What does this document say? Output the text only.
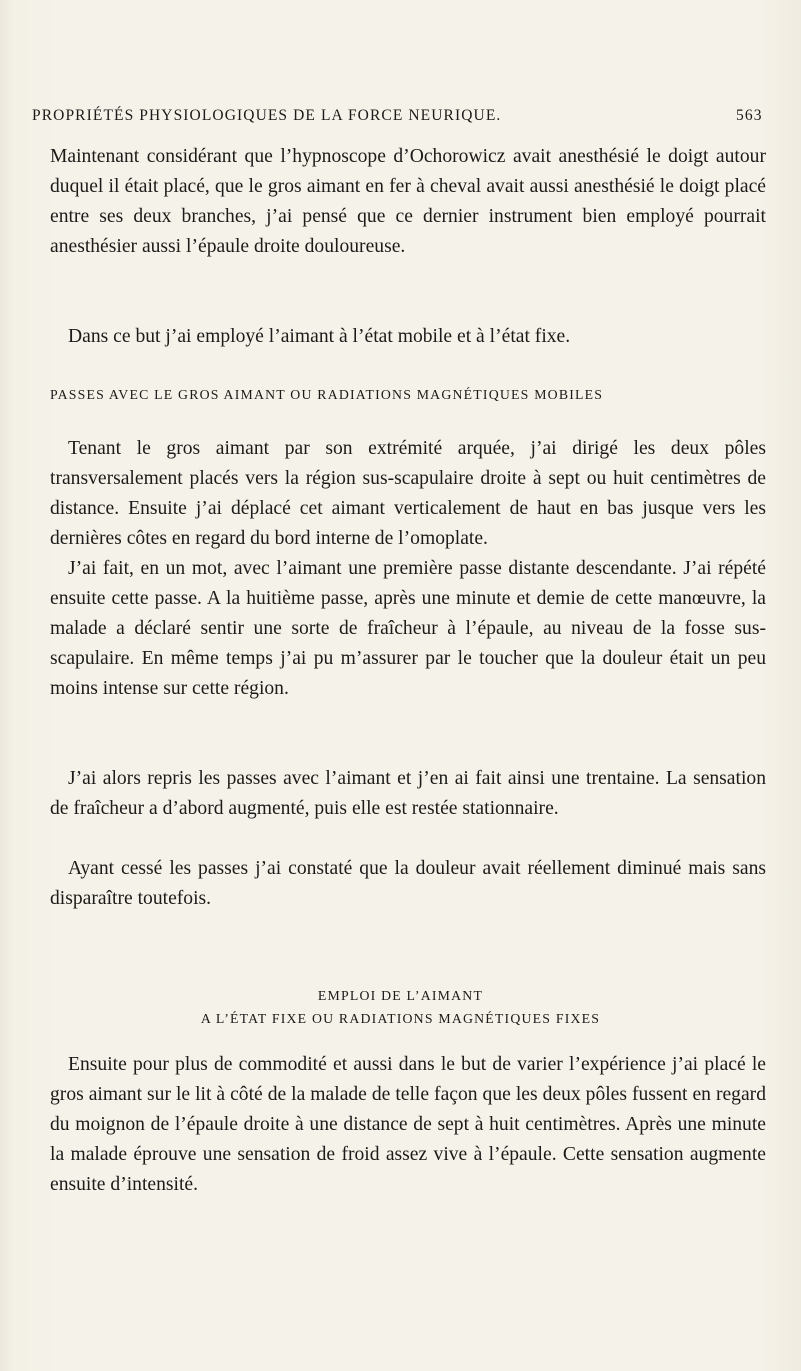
PROPRIÉTÉS PHYSIOLOGIQUES DE LA FORCE NEURIQUE.	563

Maintenant considérant que l’hypnoscope d’Ochorowicz avait anesthésié le doigt autour duquel il était placé, que le gros aimant en fer à cheval avait aussi anesthésié le doigt placé entre ses deux branches, j’ai pensé que ce dernier instrument bien employé pourrait anesthésier aussi l’épaule droite douloureuse.

Dans ce but j’ai employé l’aimant à l’état mobile et à l’état fixe.

PASSES AVEC LE GROS AIMANT OU RADIATIONS MAGNÉTIQUES MOBILES

Tenant le gros aimant par son extrémité arquée, j’ai dirigé les deux pôles transversalement placés vers la région sus-scapulaire droite à sept ou huit centimètres de distance. Ensuite j’ai déplacé cet aimant verticalement de haut en bas jusque vers les dernières côtes en regard du bord interne de l’omoplate.

J’ai fait, en un mot, avec l’aimant une première passe distante descendante. J’ai répété ensuite cette passe. A la huitième passe, après une minute et demie de cette manœuvre, la malade a déclaré sentir une sorte de fraîcheur à l’épaule, au niveau de la fosse sus-scapulaire. En même temps j’ai pu m’assurer par le toucher que la douleur était un peu moins intense sur cette région.

J’ai alors repris les passes avec l’aimant et j’en ai fait ainsi une trentaine. La sensation de fraîcheur a d’abord augmenté, puis elle est restée stationnaire.

Ayant cessé les passes j’ai constaté que la douleur avait réellement diminué mais sans disparaître toutefois.

EMPLOI DE L’AIMANT
A L’ÉTAT FIXE OU RADIATIONS MAGNÉTIQUES FIXES

Ensuite pour plus de commodité et aussi dans le but de varier l’expérience j’ai placé le gros aimant sur le lit à côté de la malade de telle façon que les deux pôles fussent en regard du moignon de l’épaule droite à une distance de sept à huit centimètres. Après une minute la malade éprouve une sensation de froid assez vive à l’épaule. Cette sensation augmente ensuite d’intensité.
